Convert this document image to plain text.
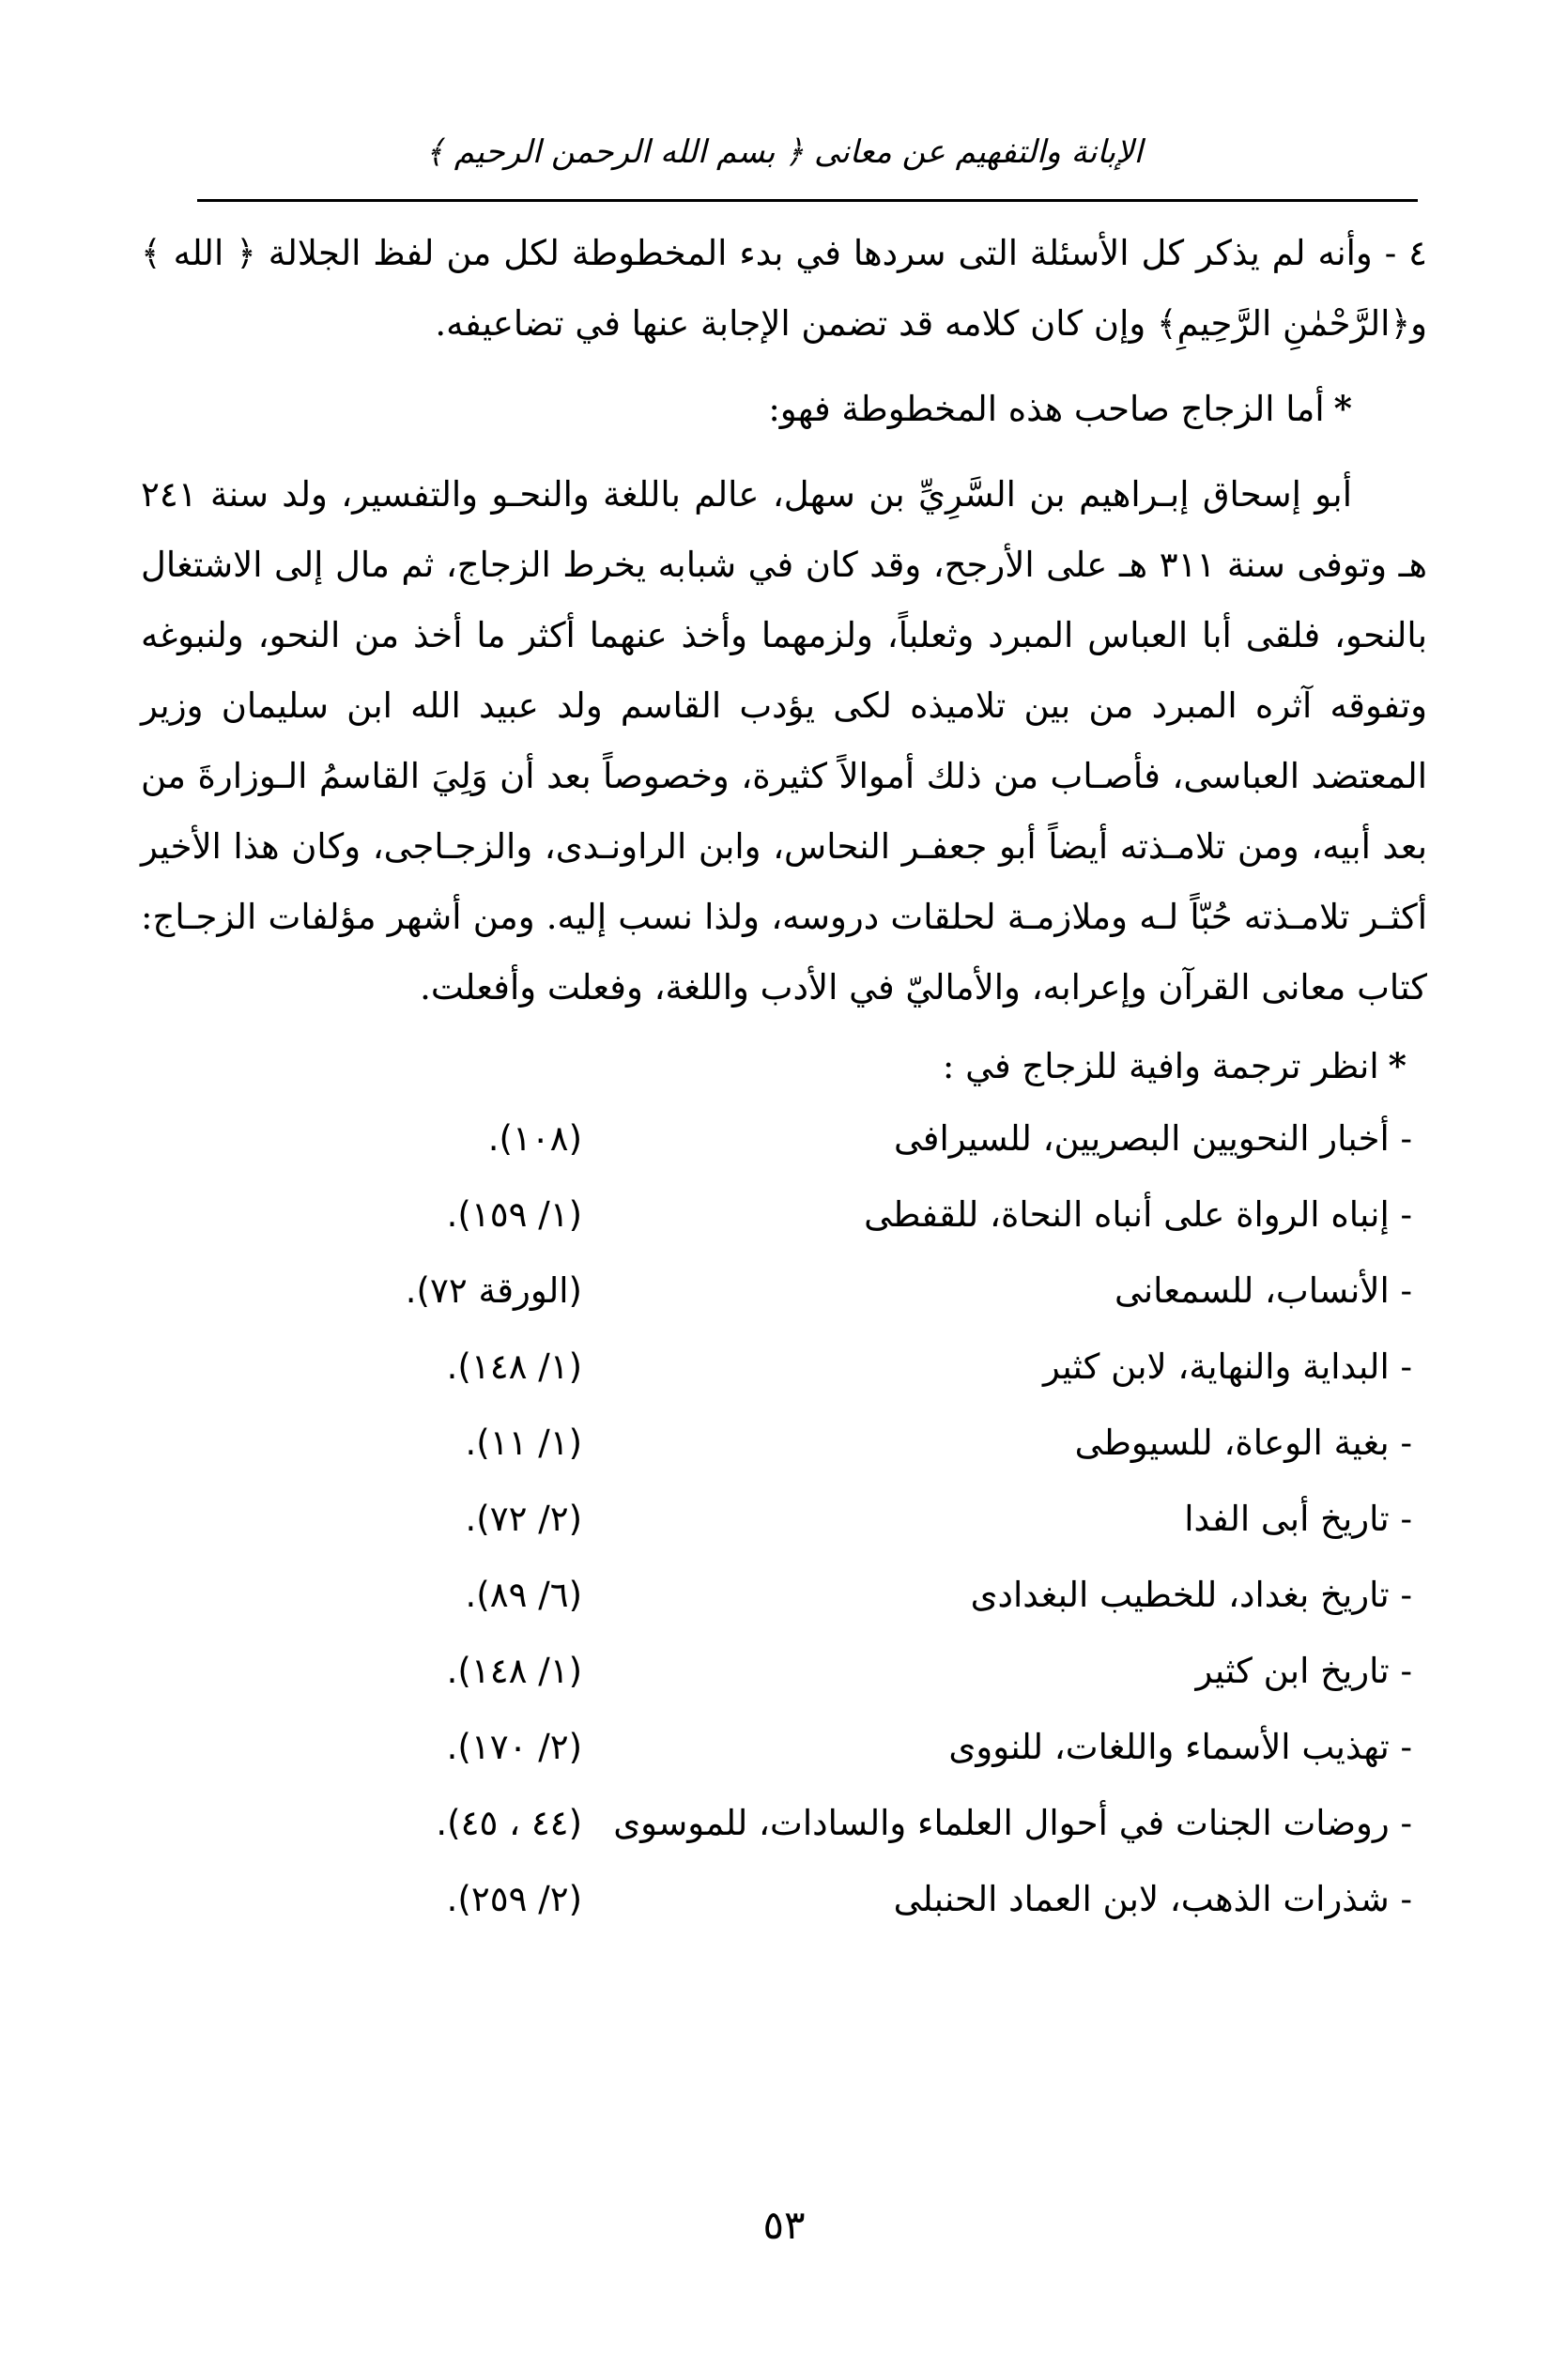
الإبانة والتفهيم عن معانى ﴿ بسم الله الرحمن الرحيم ﴾

٤ - وأنه لم يذكر كل الأسئلة التى سردها في بدء المخطوطة لكل من لفظ الجلالة ﴿ الله ﴾ و﴿الرَّحْمٰنِ الرَّحِيمِ﴾ وإن كان كلامه قد تضمن الإجابة عنها في تضاعيفه.

*أما الزجاج صاحب هذه المخطوطة فهو:

أبو إسحاق إبـراهيم بن السَّرِيِّ بن سهل، عالم باللغة والنحـو والتفسير، ولد سنة ٢٤١ هـ وتوفى سنة ٣١١ هـ على الأرجح، وقد كان في شبابه يخرط الزجاج، ثم مال إلى الاشتغال بالنحو، فلقى أبا العباس المبرد وثعلباً، ولزمهما وأخذ عنهما أكثر ما أخذ من النحو، ولنبوغه وتفوقه آثره المبرد من بين تلاميذه لكى يؤدب القاسم ولد عبيد الله ابن سليمان وزير المعتضد العباسى، فأصـاب من ذلك أموالاً كثيرة، وخصوصاً بعد أن وَلِيَ القاسمُ الـوزارةَ من بعد أبيه، ومن تلامـذته أيضاً أبو جعفـر النحاس، وابن الراونـدى، والزجـاجى، وكان هذا الأخير أكثـر تلامـذته حُبّاً لـه وملازمـة لحلقات دروسه، ولذا نسب إليه. ومن أشهر مؤلفات الزجـاج: كتاب معانى القرآن وإعرابه، والأماليّ في الأدب واللغة، وفعلت وأفعلت.

*انظر ترجمة وافية للزجاج في :
- أخبار النحويين البصريين، للسيرافى
(١٠٨).
- إنباه الرواة على أنباه النحاة، للقفطى
(١/ ١٥٩).
- الأنساب، للسمعانى
(الورقة ٧٢).
- البداية والنهاية، لابن كثير
(١/ ١٤٨).
- بغية الوعاة، للسيوطى
(١/ ١١).
- تاريخ أبى الفدا
(٢/ ٧٢).
- تاريخ بغداد، للخطيب البغدادى
(٦/ ٨٩).
- تاريخ ابن كثير
(١/ ١٤٨).
- تهذيب الأسماء واللغات، للنووى
(٢/ ١٧٠).
- روضات الجنات في أحوال العلماء والسادات، للموسوى
(٤٤ ، ٤٥).
- شذرات الذهب، لابن العماد الحنبلى
(٢/ ٢٥٩).
٥٣
